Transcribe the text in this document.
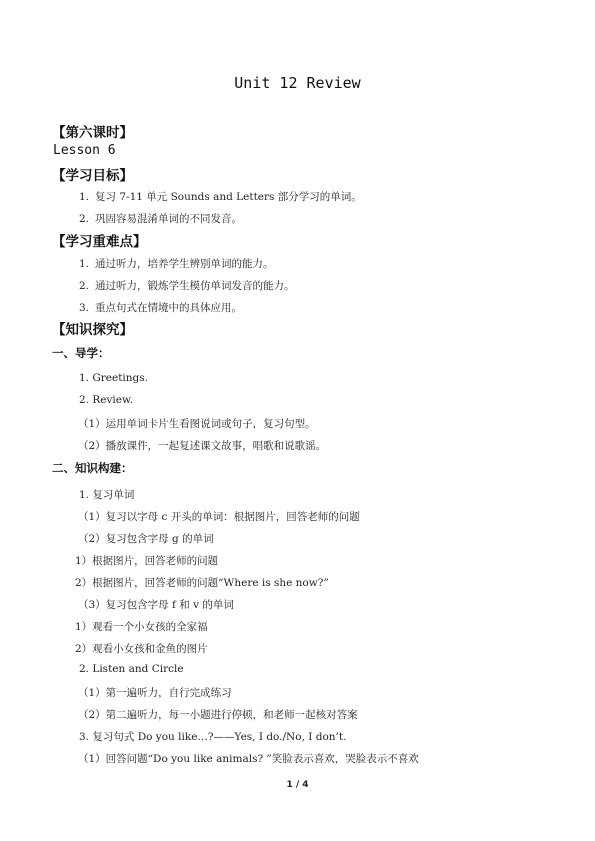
Unit 12 Review
【第六课时】
Lesson 6
【学习目标】
1. 复习 7-11 单元 Sounds and Letters 部分学习的单词。
2. 巩固容易混淆单词的不同发音。
【学习重难点】
1. 通过听力，培养学生辨别单词的能力。
2. 通过听力，锻炼学生模仿单词发音的能力。
3. 重点句式在情境中的具体应用。
【知识探究】
一、导学：
1. Greetings.
2. Review.
（1）运用单词卡片生看图说词或句子，复习句型。
（2）播放课件，一起复述课文故事，唱歌和说歌谣。
二、知识构建：
1. 复习单词
（1）复习以字母 c 开头的单词：根据图片，回答老师的问题
（2）复习包含字母 g 的单词
1）根据图片，回答老师的问题
2）根据图片，回答老师的问题“Where is she now?”
（3）复习包含字母 f 和 v 的单词
1）观看一个小女孩的全家福
2）观看小女孩和金鱼的图片
2. Listen and Circle
（1）第一遍听力，自行完成练习
（2）第二遍听力，每一小题进行停顿，和老师一起核对答案
3. 复习句式 Do you like…?——Yes, I do./No, I don’t.
（1）回答问题“Do you like animals? ”笑脸表示喜欢，哭脸表示不喜欢
1 / 4
